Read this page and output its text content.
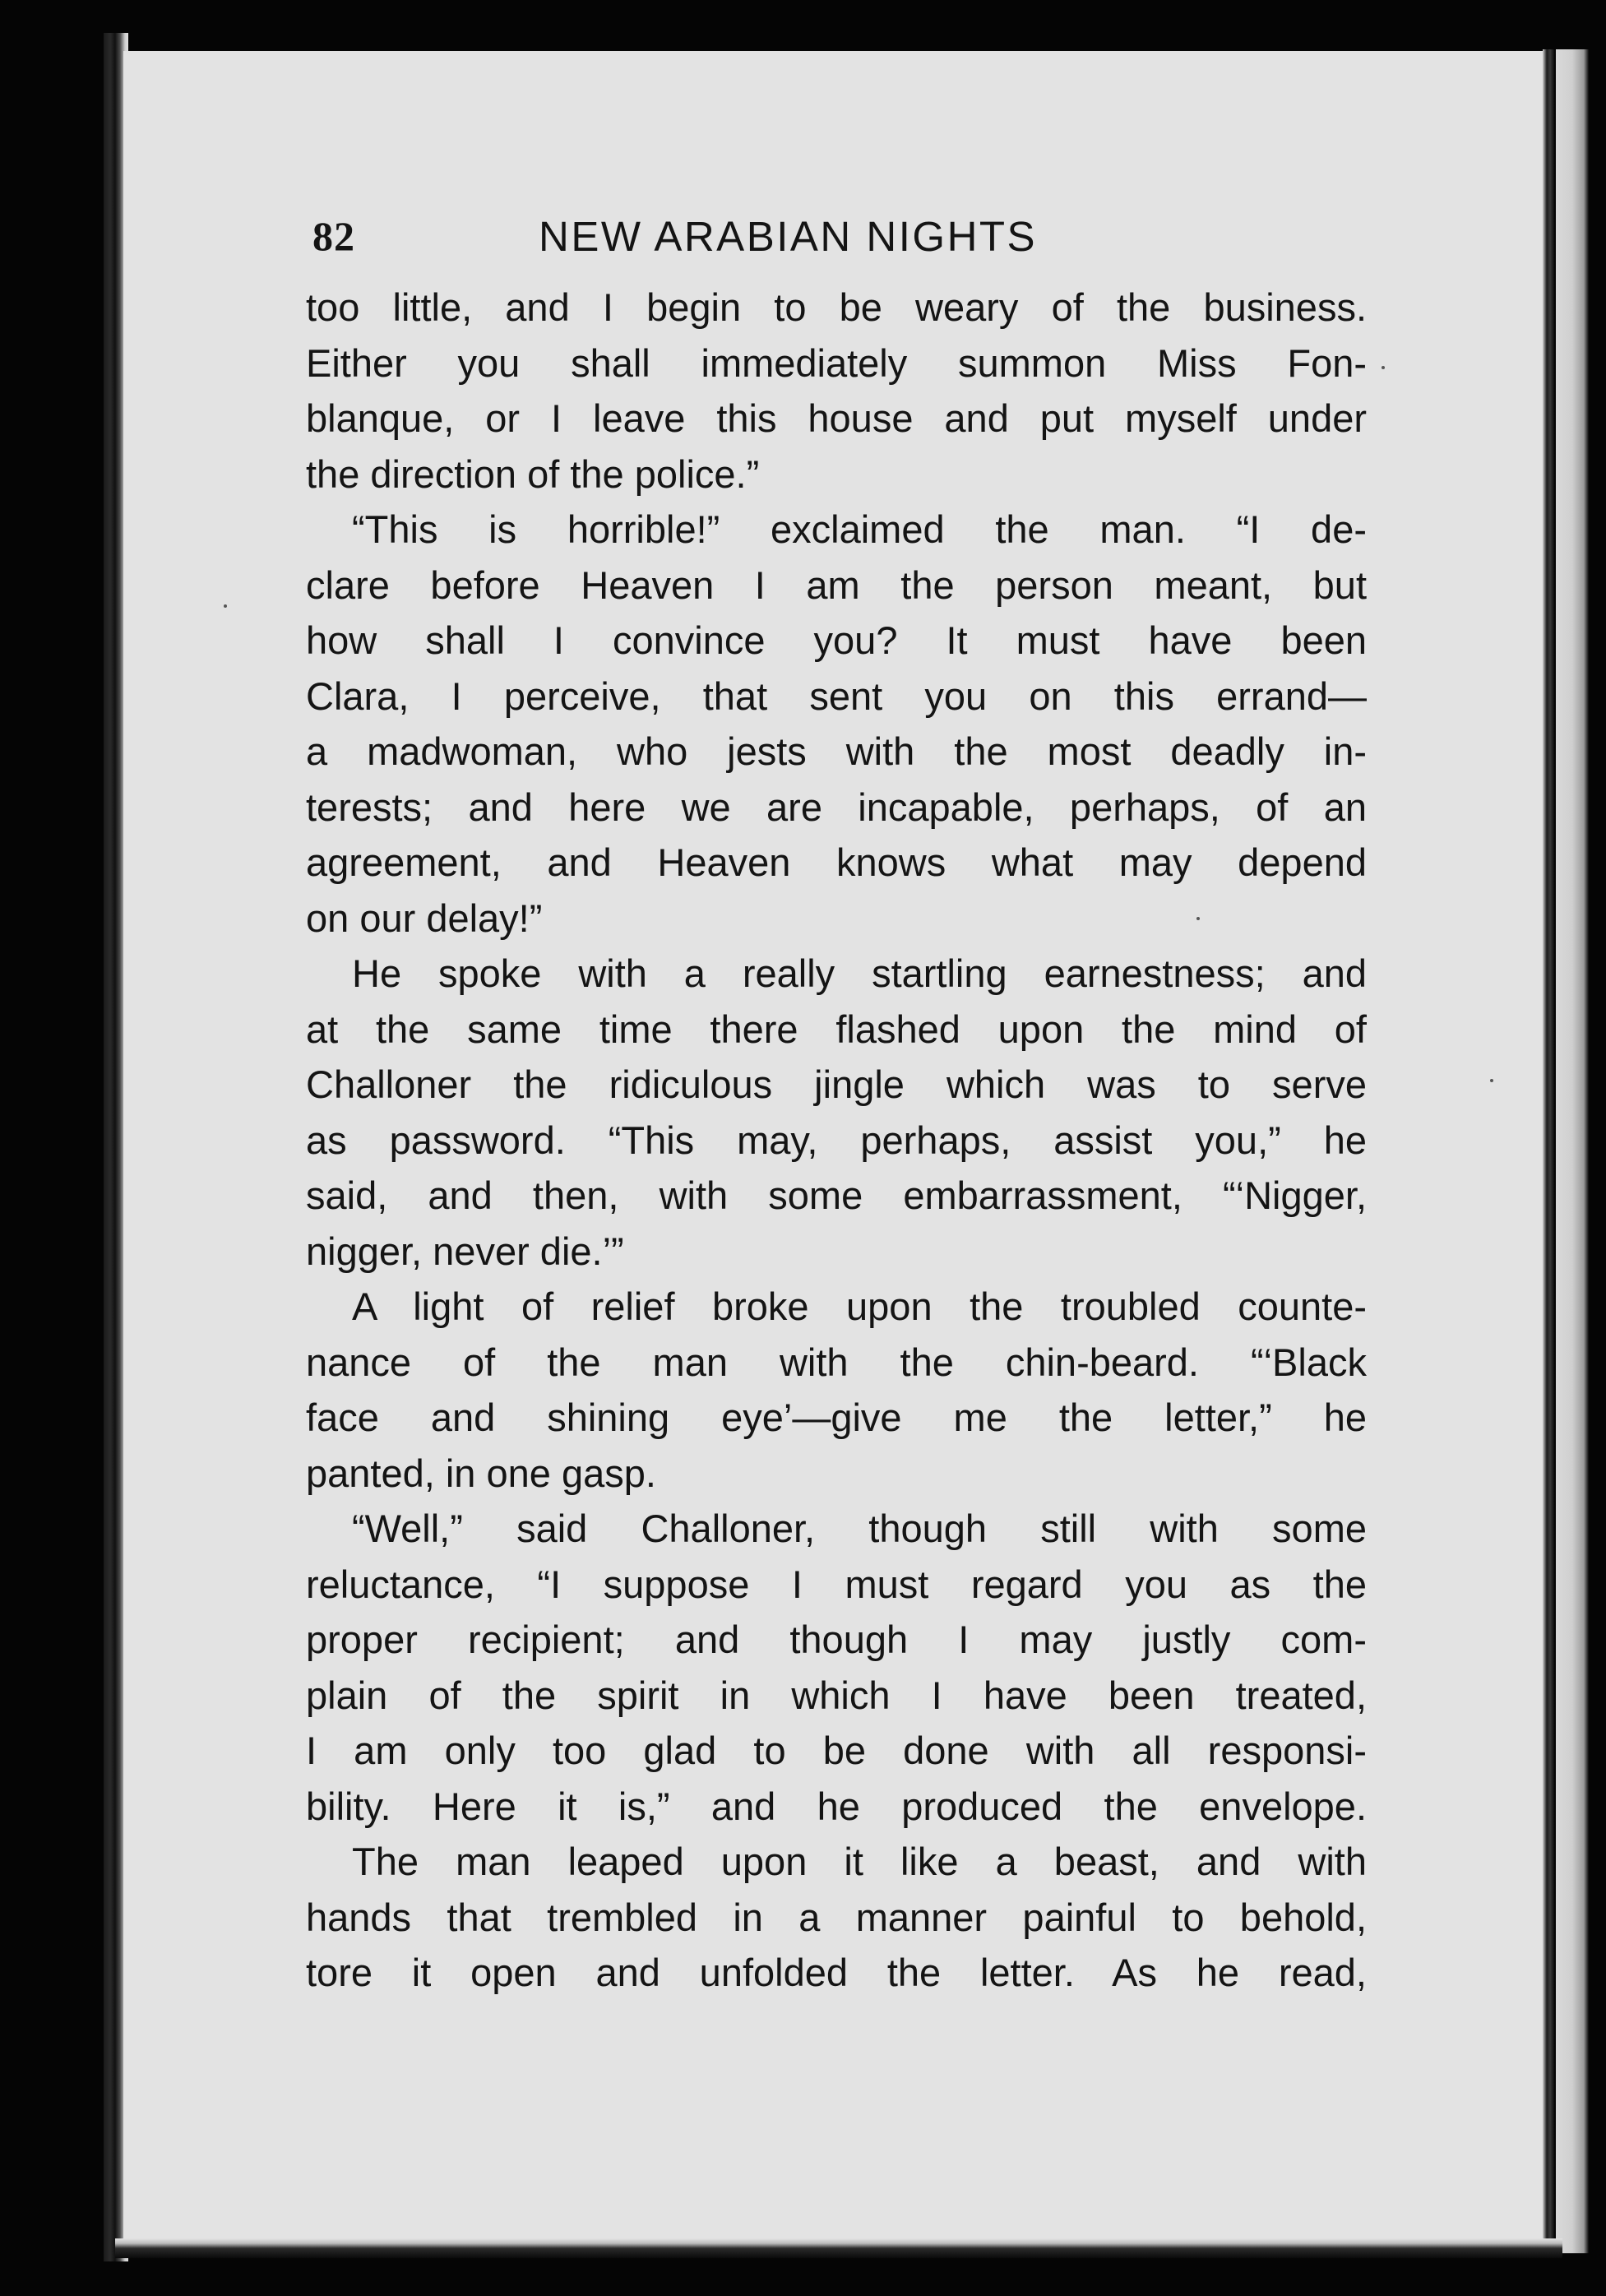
82	NEW ARABIAN NIGHTS
too little, and I begin to be weary of the business.
Either you shall immediately summon Miss Fon-
blanque, or I leave this house and put myself under
the direction of the police.”
“This is horrible!” exclaimed the man. “I de-
clare before Heaven I am the person meant, but
how shall I convince you? It must have been
Clara, I perceive, that sent you on this errand—
a madwoman, who jests with the most deadly in-
terests; and here we are incapable, perhaps, of an
agreement, and Heaven knows what may depend
on our delay!”
He spoke with a really startling earnestness; and
at the same time there flashed upon the mind of
Challoner the ridiculous jingle which was to serve
as password. “This may, perhaps, assist you,” he
said, and then, with some embarrassment, “‘Nigger,
nigger, never die.’”
A light of relief broke upon the troubled counte-
nance of the man with the chin-beard. “‘Black
face and shining eye’—give me the letter,” he
panted, in one gasp.
“Well,” said Challoner, though still with some
reluctance, “I suppose I must regard you as the
proper recipient; and though I may justly com-
plain of the spirit in which I have been treated,
I am only too glad to be done with all responsi-
bility. Here it is,” and he produced the envelope.
The man leaped upon it like a beast, and with
hands that trembled in a manner painful to behold,
tore it open and unfolded the letter. As he read,
